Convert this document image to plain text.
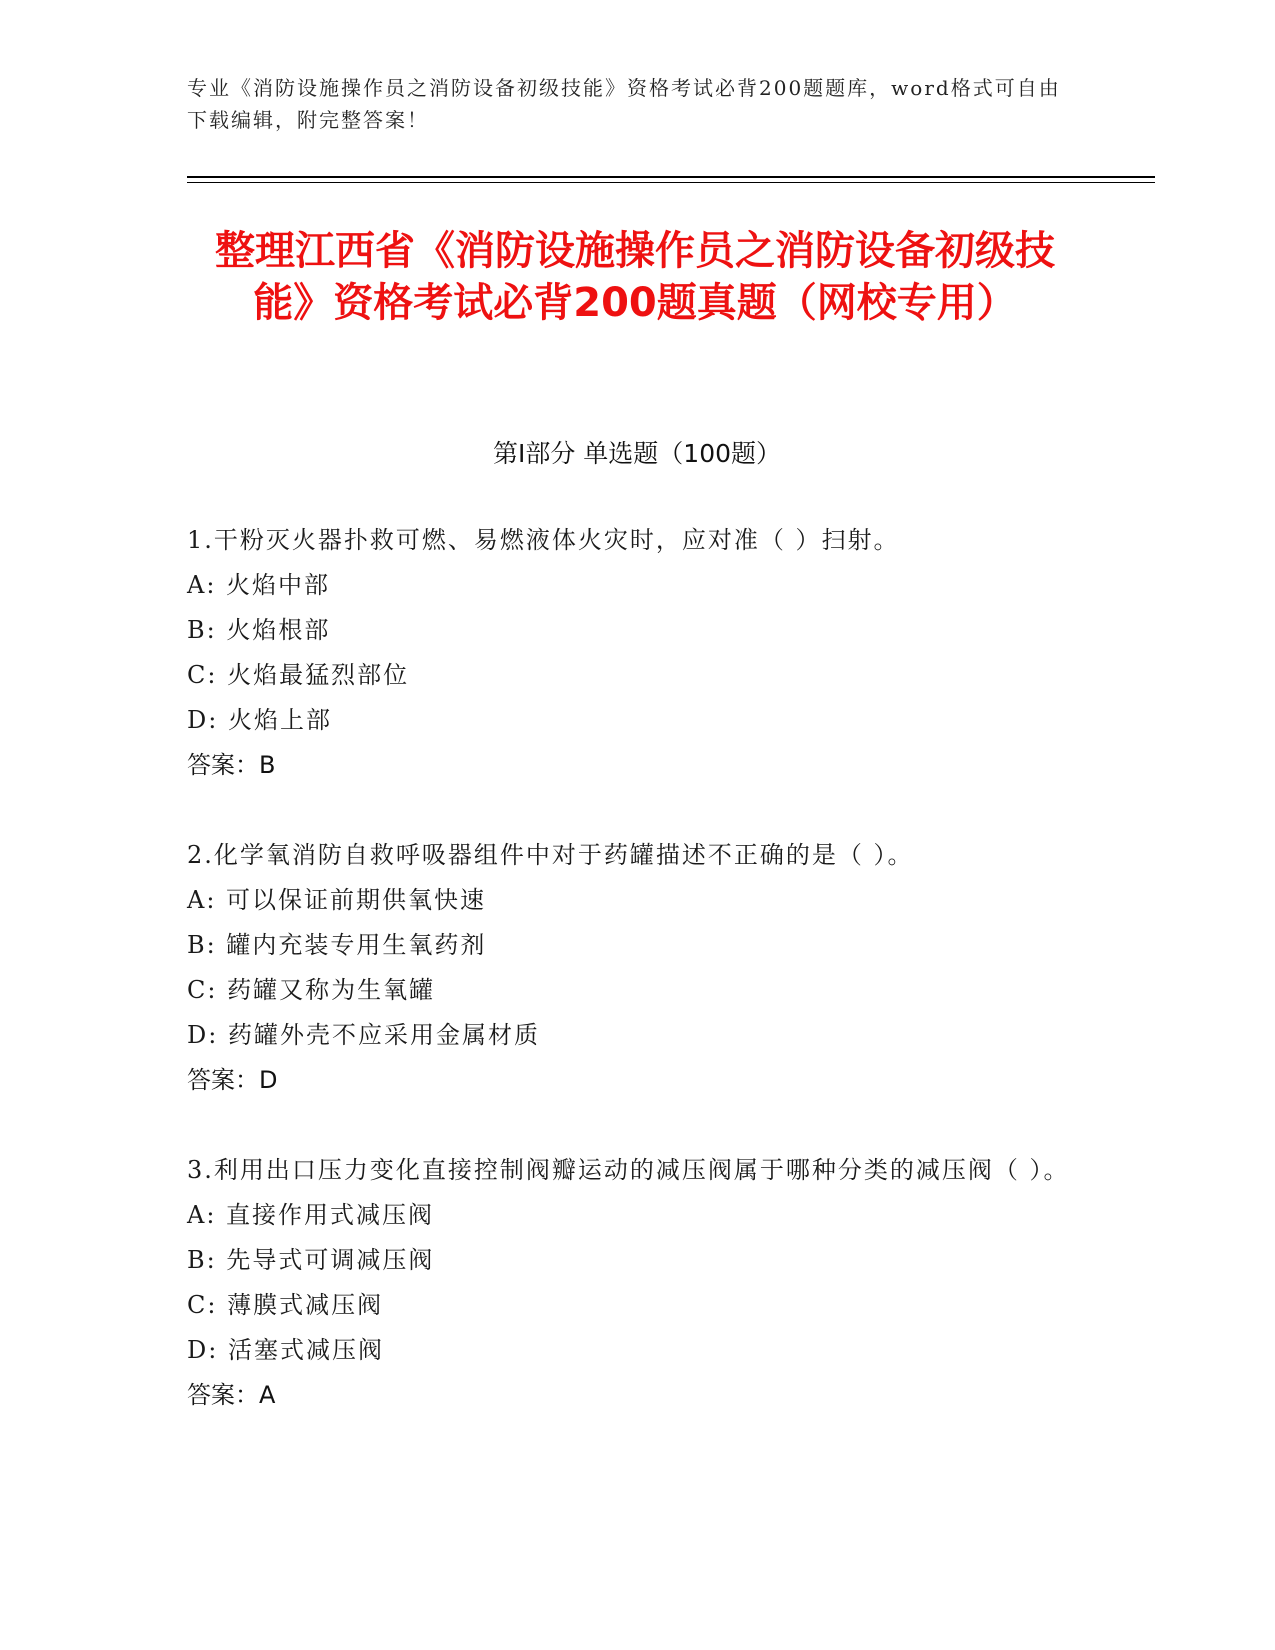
专业《消防设施操作员之消防设备初级技能》资格考试必背200题题库，word格式可自由下载编辑，附完整答案！
整理江西省《消防设施操作员之消防设备初级技能》资格考试必背200题真题（网校专用）
第Ⅰ部分 单选题（100题）
1.干粉灭火器扑救可燃、易燃液体火灾时，应对准（ ）扫射。
A: 火焰中部
B: 火焰根部
C: 火焰最猛烈部位
D: 火焰上部
答案：B
2.化学氧消防自救呼吸器组件中对于药罐描述不正确的是（ ）。
A: 可以保证前期供氧快速
B: 罐内充装专用生氧药剂
C: 药罐又称为生氧罐
D: 药罐外壳不应采用金属材质
答案：D
3.利用出口压力变化直接控制阀瓣运动的减压阀属于哪种分类的减压阀（ ）。
A: 直接作用式减压阀
B: 先导式可调减压阀
C: 薄膜式减压阀
D: 活塞式减压阀
答案：A
